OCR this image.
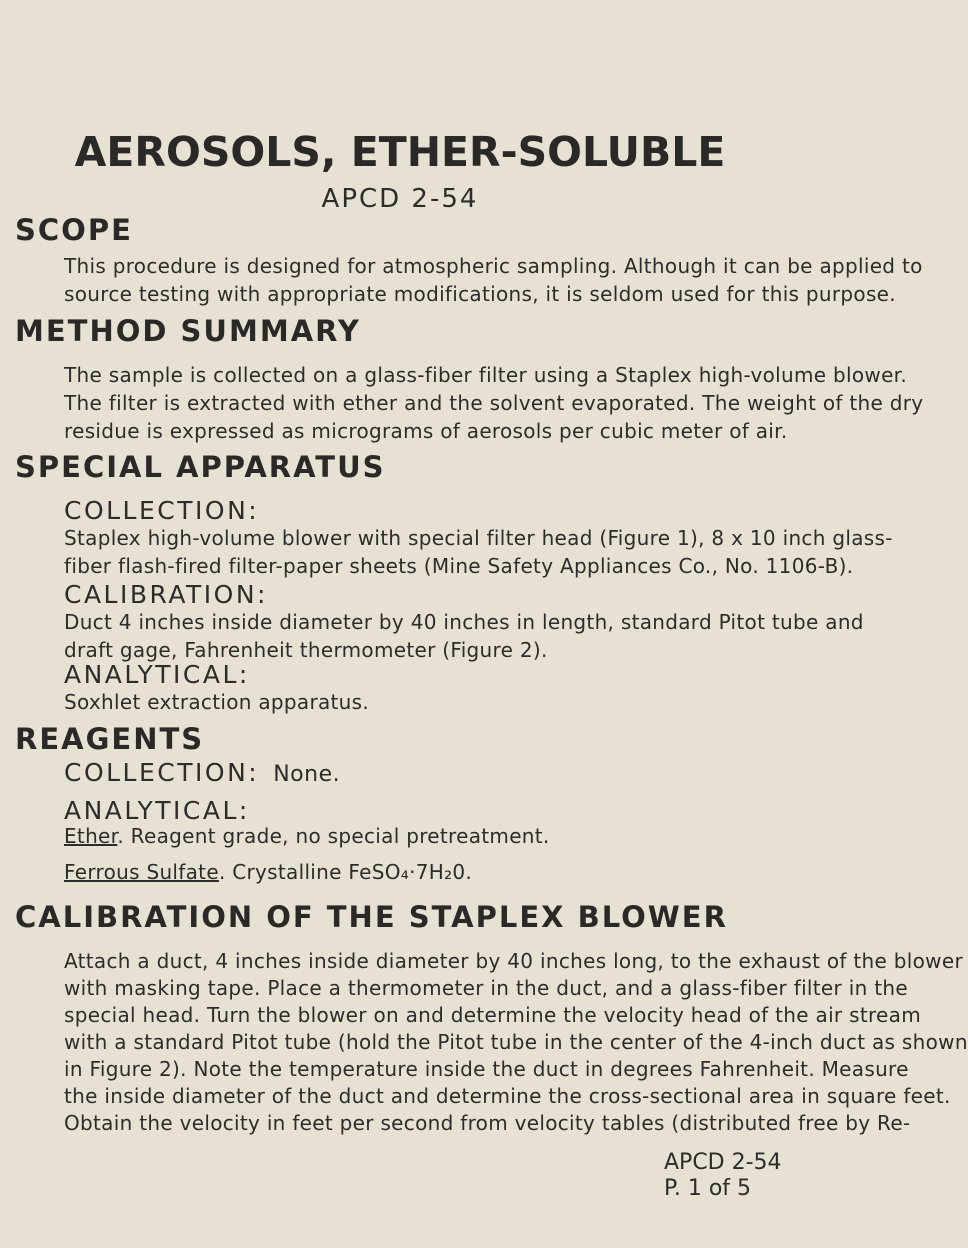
AEROSOLS, ETHER-SOLUBLE
APCD 2-54
SCOPE
This procedure is designed for atmospheric sampling. Although it can be applied to
source testing with appropriate modifications, it is seldom used for this purpose.
METHOD SUMMARY
The sample is collected on a glass-fiber filter using a Staplex high-volume blower.
The filter is extracted with ether and the solvent evaporated. The weight of the dry
residue is expressed as micrograms of aerosols per cubic meter of air.
SPECIAL APPARATUS
COLLECTION:
Staplex high-volume blower with special filter head (Figure 1), 8 x 10 inch glass-
fiber flash-fired filter-paper sheets (Mine Safety Appliances Co., No. 1106-B).
CALIBRATION:
Duct 4 inches inside diameter by 40 inches in length, standard Pitot tube and
draft gage, Fahrenheit thermometer (Figure 2).
ANALYTICAL:
Soxhlet extraction apparatus.
REAGENTS
COLLECTION: None.
ANALYTICAL:
Ether. Reagent grade, no special pretreatment.
Ferrous Sulfate. Crystalline FeSO₄·7H₂0.
CALIBRATION OF THE STAPLEX BLOWER
Attach a duct, 4 inches inside diameter by 40 inches long, to the exhaust of the blower
with masking tape. Place a thermometer in the duct, and a glass-fiber filter in the
special head. Turn the blower on and determine the velocity head of the air stream
with a standard Pitot tube (hold the Pitot tube in the center of the 4-inch duct as shown
in Figure 2). Note the temperature inside the duct in degrees Fahrenheit. Measure
the inside diameter of the duct and determine the cross-sectional area in square feet.
Obtain the velocity in feet per second from velocity tables (distributed free by Re-
APCD 2-54
P. 1 of 5
